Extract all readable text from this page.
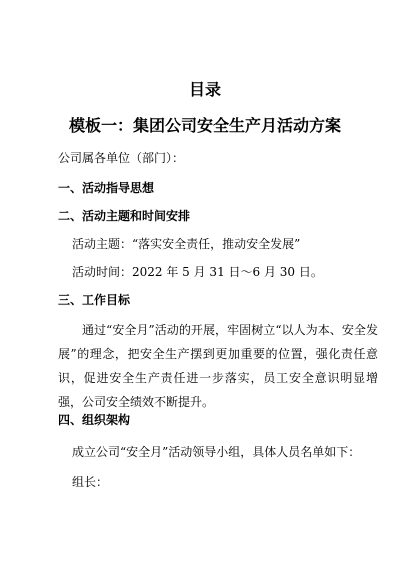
目录
模板一：集团公司安全生产月活动方案
公司属各单位（部门）：
一、活动指导思想
二、活动主题和时间安排
活动主题：“落实安全责任，推动安全发展”
活动时间：2022 年 5 月 31 日～6 月 30 日。
三、工作目标
通过“安全月”活动的开展，牢固树立“以人为本、安全发展”的理念，把安全生产摆到更加重要的位置，强化责任意识，促进安全生产责任进一步落实，员工安全意识明显增强，公司安全绩效不断提升。
四、组织架构
成立公司“安全月”活动领导小组，具体人员名单如下：
组长：
